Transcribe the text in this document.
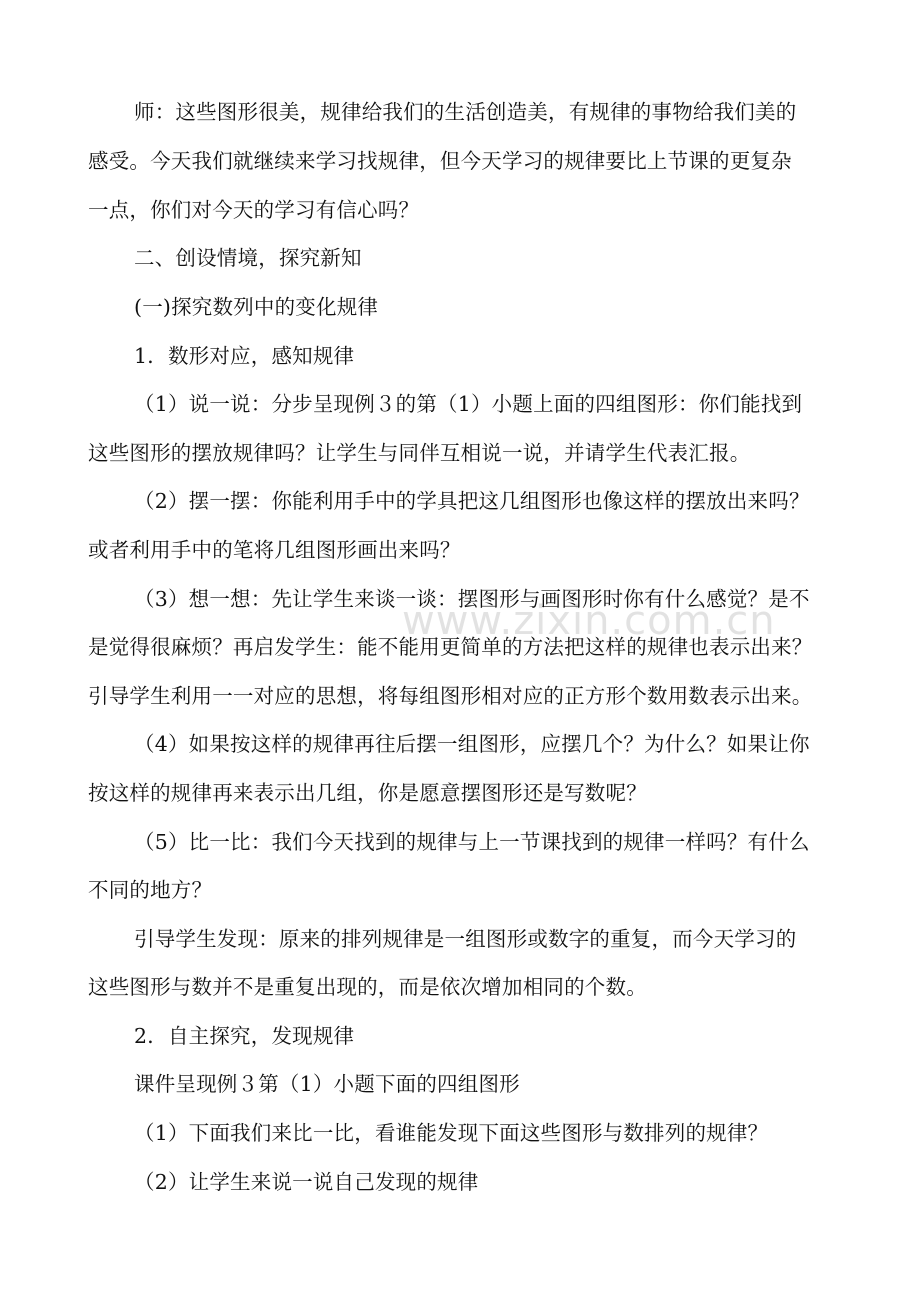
www.zixin.com.cn
师：这些图形很美，规律给我们的生活创造美，有规律的事物给我们美的
感受。今天我们就继续来学习找规律，但今天学习的规律要比上节课的更复杂
一点，你们对今天的学习有信心吗？
二、创设情境，探究新知
(一)探究数列中的变化规律
1．数形对应，感知规律
（1）说一说：分步呈现例３的第（1）小题上面的四组图形：你们能找到
这些图形的摆放规律吗？让学生与同伴互相说一说，并请学生代表汇报。
（2）摆一摆：你能利用手中的学具把这几组图形也像这样的摆放出来吗？
或者利用手中的笔将几组图形画出来吗？
（3）想一想：先让学生来谈一谈：摆图形与画图形时你有什么感觉？是不
是觉得很麻烦？再启发学生：能不能用更简单的方法把这样的规律也表示出来？
引导学生利用一一对应的思想，将每组图形相对应的正方形个数用数表示出来。
（4）如果按这样的规律再往后摆一组图形，应摆几个？为什么？如果让你
按这样的规律再来表示出几组，你是愿意摆图形还是写数呢？
（5）比一比：我们今天找到的规律与上一节课找到的规律一样吗？有什么
不同的地方？
引导学生发现：原来的排列规律是一组图形或数字的重复，而今天学习的
这些图形与数并不是重复出现的，而是依次增加相同的个数。
2．自主探究，发现规律
课件呈现例３第（1）小题下面的四组图形
（1）下面我们来比一比，看谁能发现下面这些图形与数排列的规律？
（2）让学生来说一说自己发现的规律
